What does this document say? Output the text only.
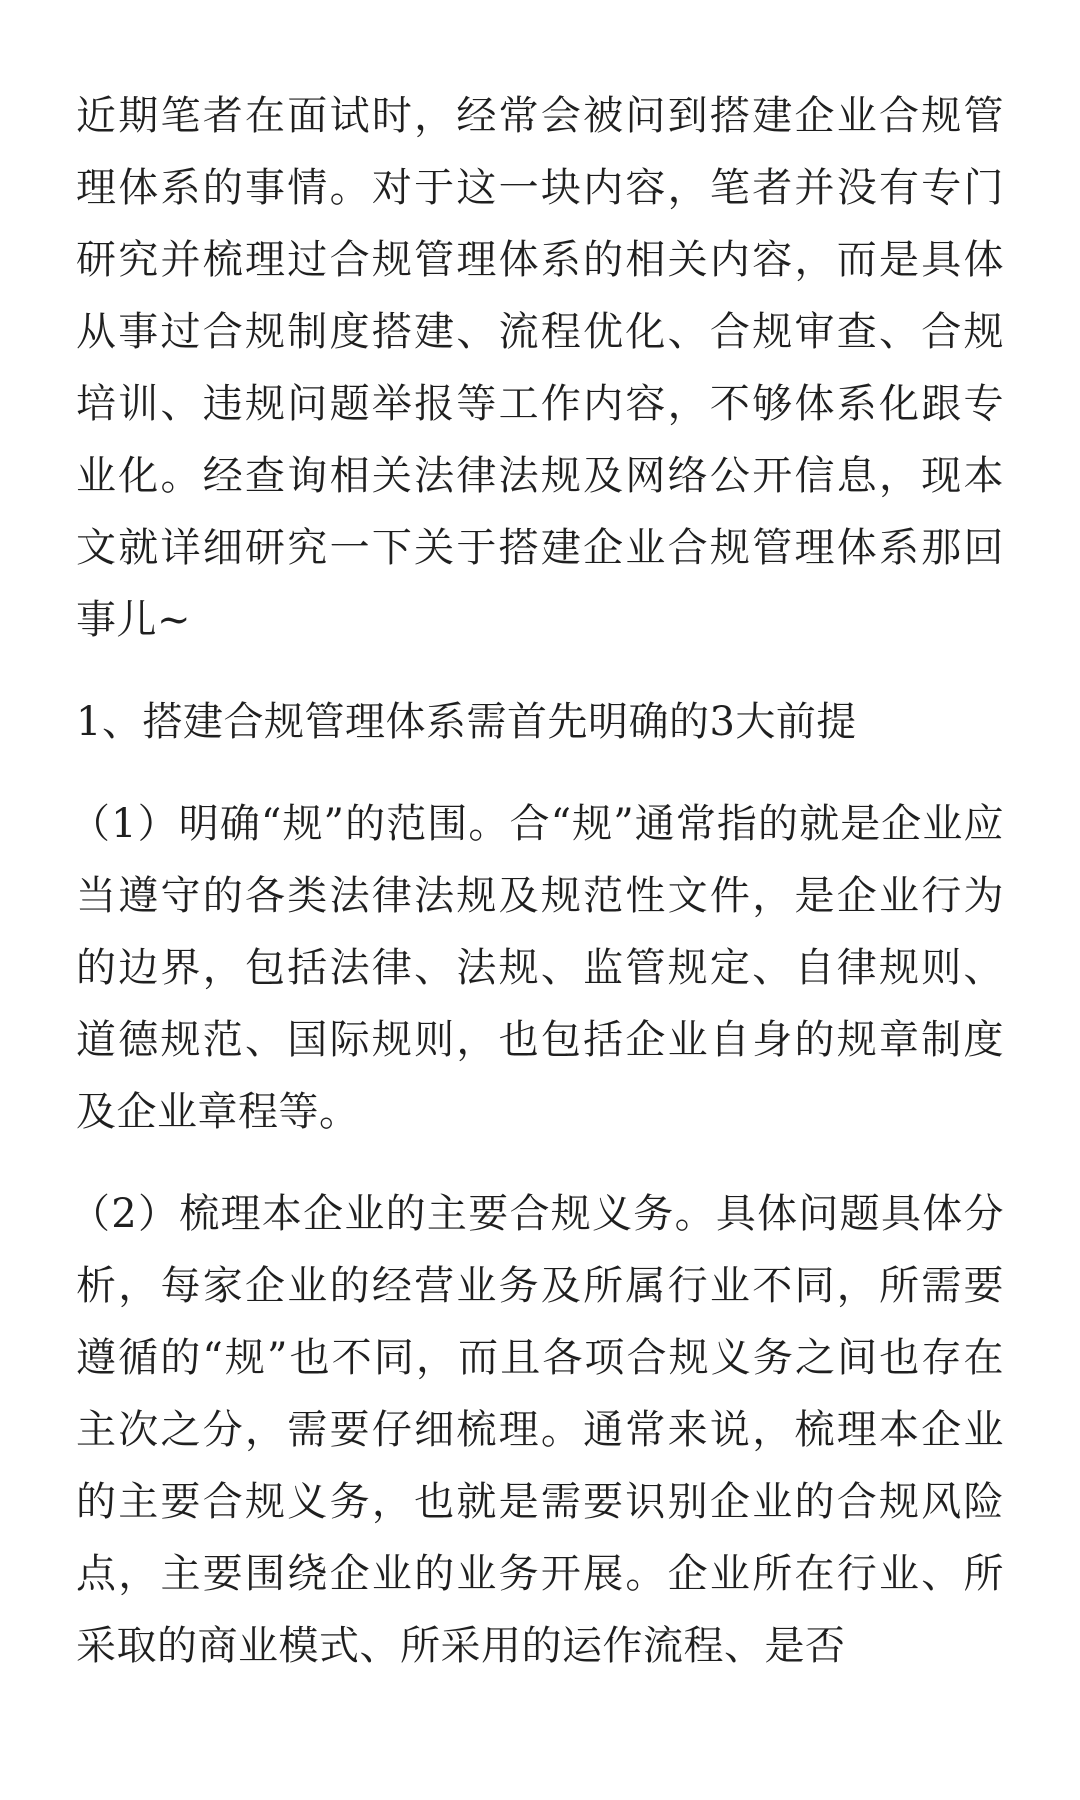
近期笔者在面试时，经常会被问到搭建企业合规管理体系的事情。对于这一块内容，笔者并没有专门研究并梳理过合规管理体系的相关内容，而是具体从事过合规制度搭建、流程优化、合规审查、合规培训、违规问题举报等工作内容，不够体系化跟专业化。经查询相关法律法规及网络公开信息，现本文就详细研究一下关于搭建企业合规管理体系那回事儿~

1、搭建合规管理体系需首先明确的3大前提

（1）明确“规”的范围。合“规”通常指的就是企业应当遵守的各类法律法规及规范性文件，是企业行为的边界，包括法律、法规、监管规定、自律规则、道德规范、国际规则，也包括企业自身的规章制度及企业章程等。

（2）梳理本企业的主要合规义务。具体问题具体分析，每家企业的经营业务及所属行业不同，所需要遵循的“规”也不同，而且各项合规义务之间也存在主次之分，需要仔细梳理。通常来说，梳理本企业的主要合规义务，也就是需要识别企业的合规风险点，主要围绕企业的业务开展。企业所在行业、所采取的商业模式、所采用的运作流程、是否
